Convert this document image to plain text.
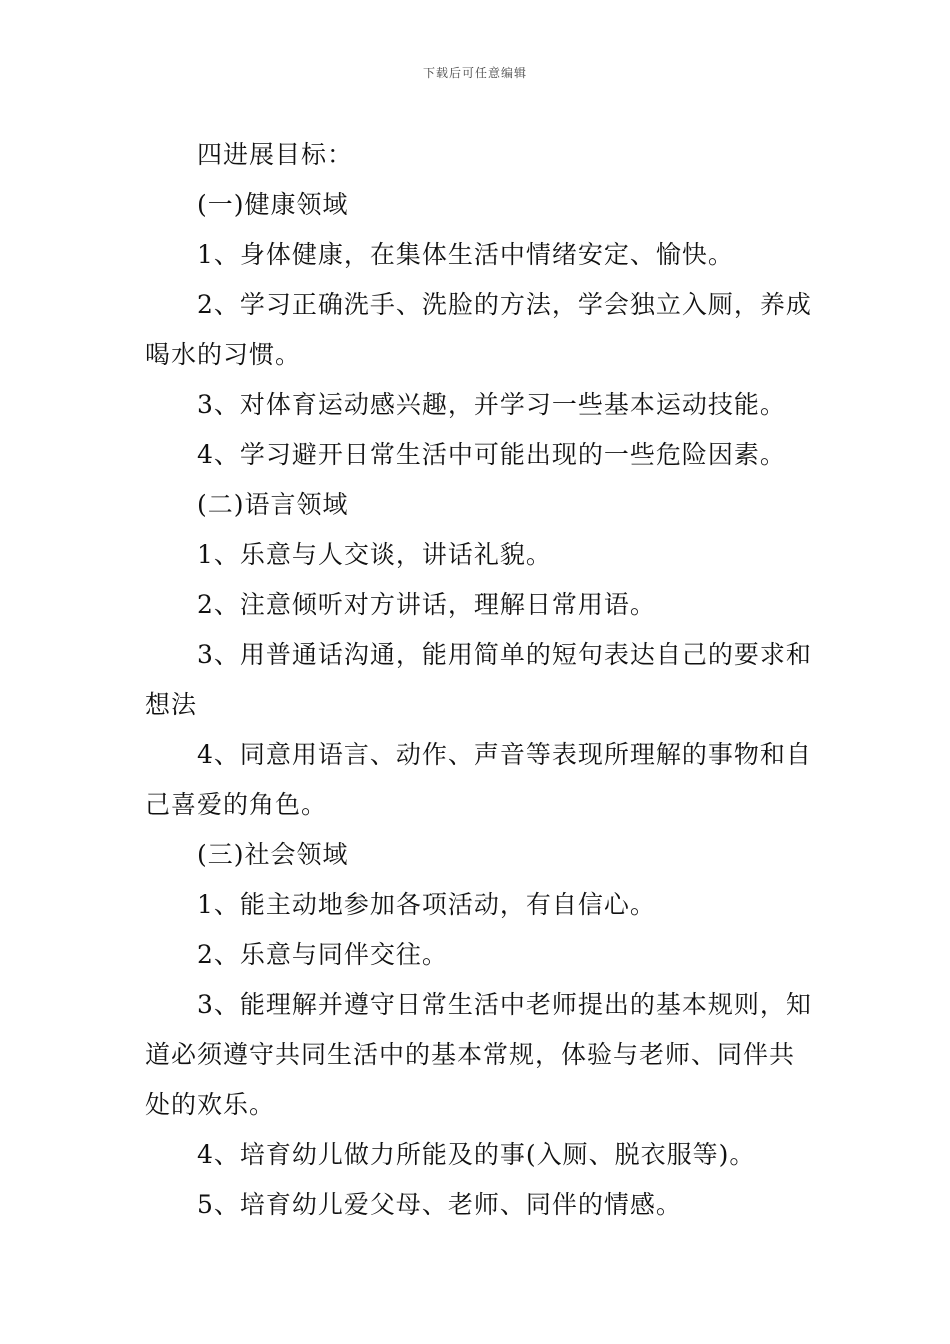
下载后可任意编辑
四进展目标：
(一)健康领域
1、身体健康，在集体生活中情绪安定、愉快。
2、学习正确洗手、洗脸的方法，学会独立入厕，养成
喝水的习惯。
3、对体育运动感兴趣，并学习一些基本运动技能。
4、学习避开日常生活中可能出现的一些危险因素。
(二)语言领域
1、乐意与人交谈，讲话礼貌。
2、注意倾听对方讲话，理解日常用语。
3、用普通话沟通，能用简单的短句表达自己的要求和
想法
4、同意用语言、动作、声音等表现所理解的事物和自
己喜爱的角色。
(三)社会领域
1、能主动地参加各项活动，有自信心。
2、乐意与同伴交往。
3、能理解并遵守日常生活中老师提出的基本规则，知
道必须遵守共同生活中的基本常规，体验与老师、同伴共
处的欢乐。
4、培育幼儿做力所能及的事(入厕、脱衣服等)。
5、培育幼儿爱父母、老师、同伴的情感。
